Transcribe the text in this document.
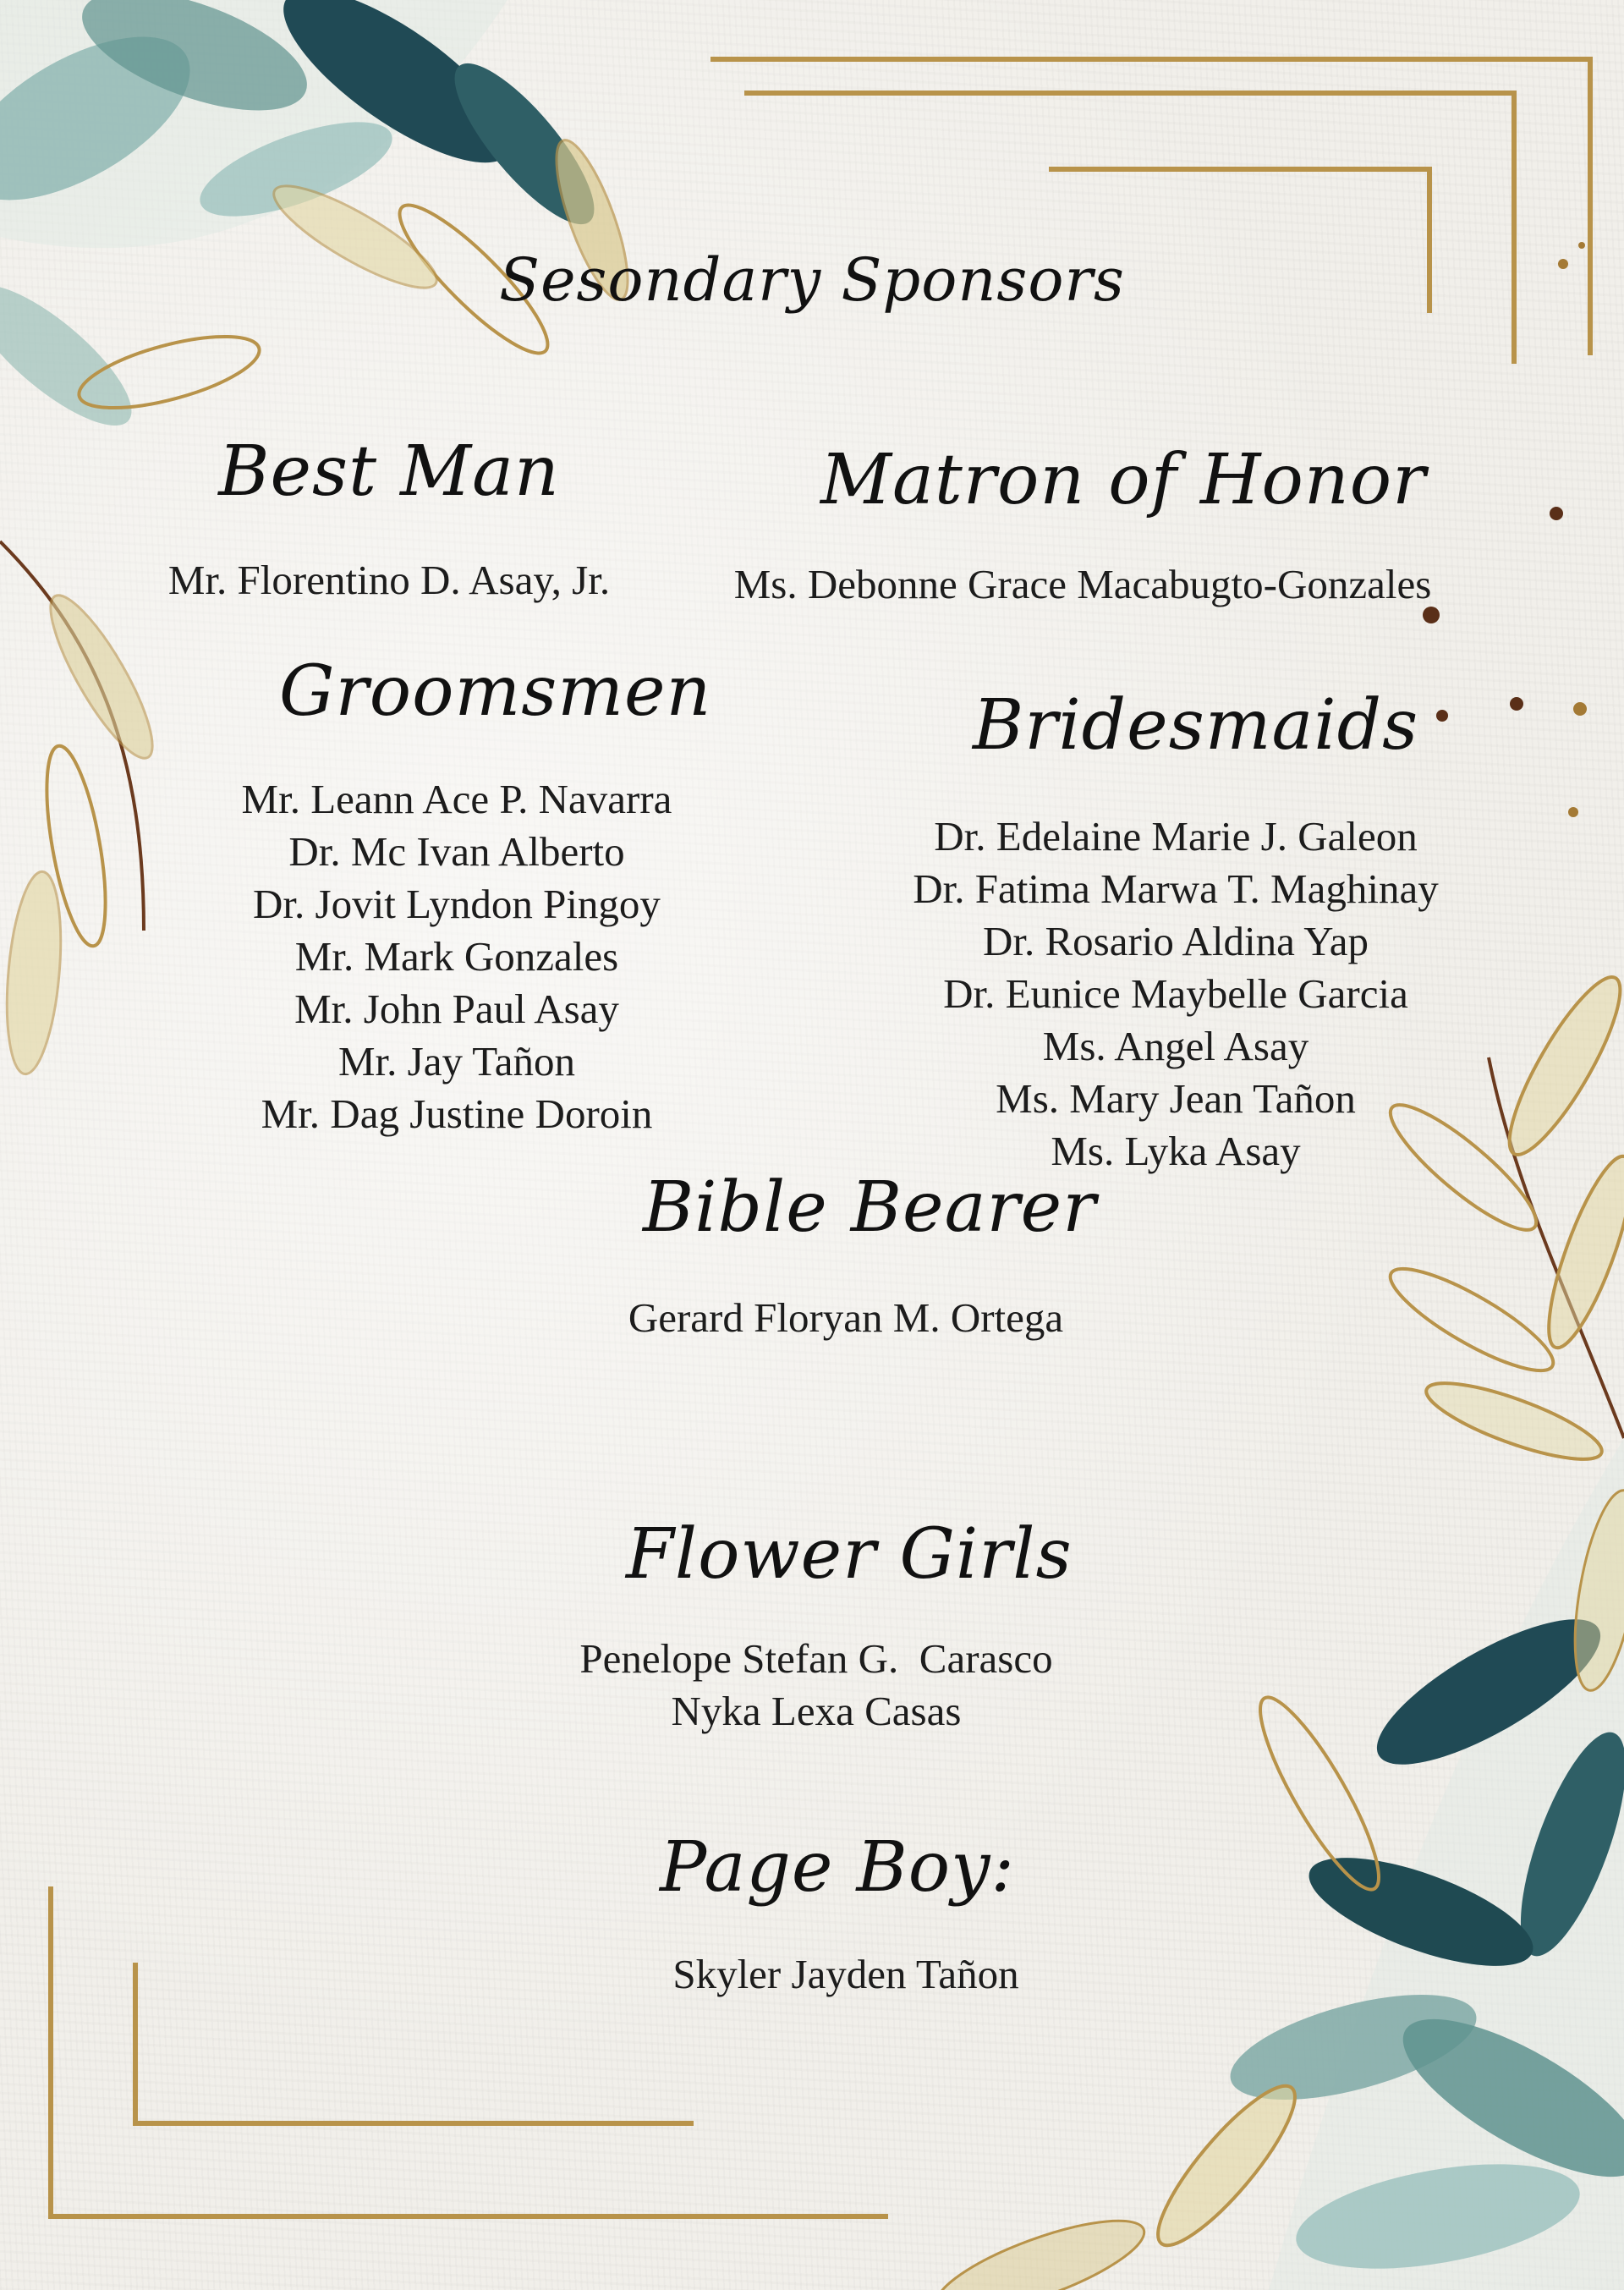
Sesondary Sponsors
Best Man
Mr. Florentino D. Asay, Jr.
Matron of Honor
Ms. Debonne Grace Macabugto-Gonzales
Groomsmen
Mr. Leann Ace P. Navarra
Dr. Mc Ivan Alberto
Dr. Jovit Lyndon Pingoy
Mr. Mark Gonzales
Mr. John Paul Asay
Mr. Jay Tañon
Mr. Dag Justine Doroin
Bridesmaids
Dr. Edelaine Marie J. Galeon
Dr. Fatima Marwa T. Maghinay
Dr. Rosario Aldina Yap
Dr. Eunice Maybelle Garcia
Ms. Angel Asay
Ms. Mary Jean Tañon
Ms. Lyka Asay
Bible Bearer
Gerard Floryan M. Ortega
Flower Girls
Penelope Stefan G.  Carasco
Nyka Lexa Casas
Page Boy:
Skyler Jayden Tañon
